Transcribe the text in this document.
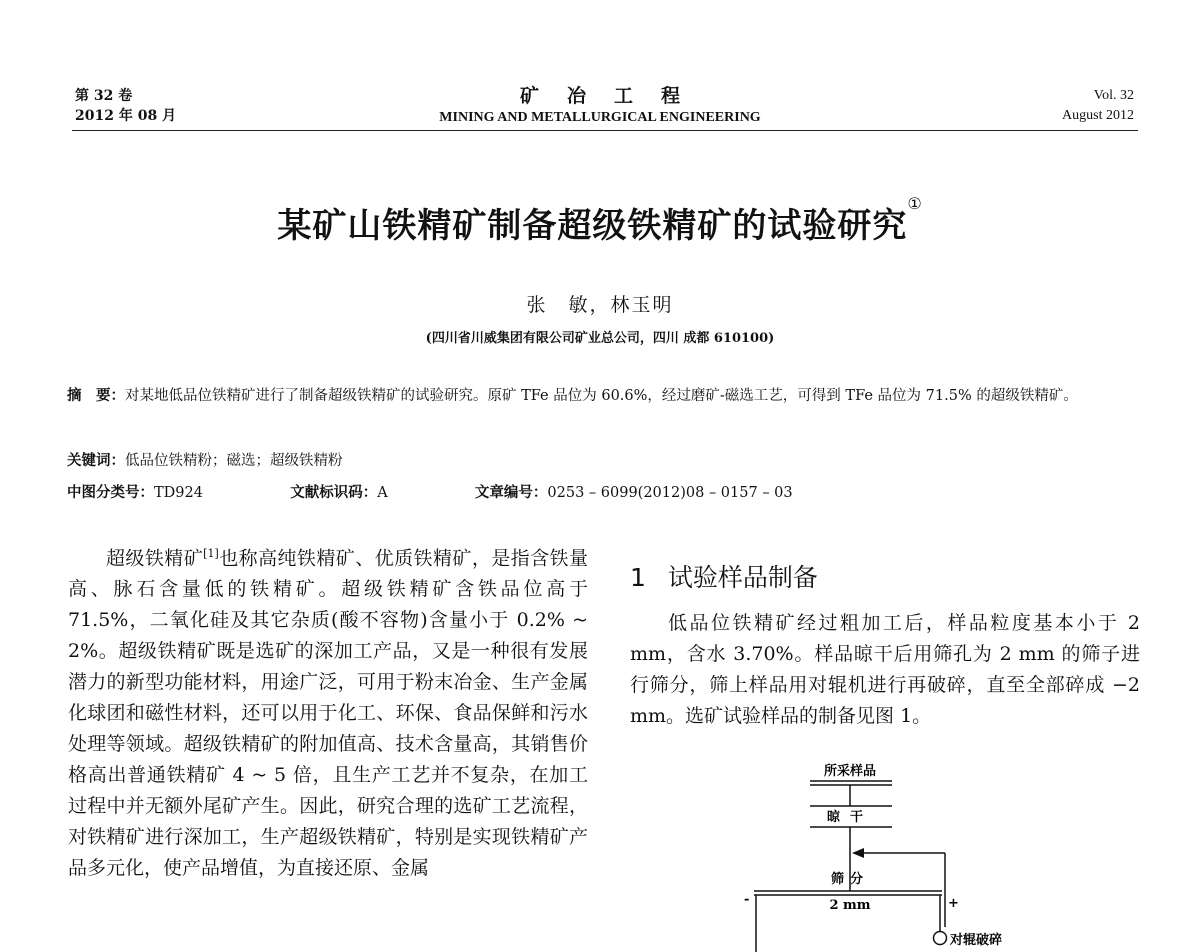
第 32 卷
2012 年 08 月
矿冶工程
MINING AND METALLURGICAL ENGINEERING
Vol. 32
August 2012
某矿山铁精矿制备超级铁精矿的试验研究①
张　敏，林玉明
(四川省川威集团有限公司矿业总公司，四川 成都 610100)
摘　要：对某地低品位铁精矿进行了制备超级铁精矿的试验研究。原矿 TFe 品位为 60.6%，经过磨矿-磁选工艺，可得到 TFe 品位为 71.5% 的超级铁精矿。
关键词：低品位铁精粉；磁选；超级铁精粉
中图分类号：TD924	文献标识码：A	文章编号：0253 – 6099(2012)08 – 0157 – 03

超级铁精矿[1]也称高纯铁精矿、优质铁精矿，是指含铁量高、脉石含量低的铁精矿。超级铁精矿含铁品位高于 71.5%，二氧化硅及其它杂质(酸不容物)含量小于 0.2% ~ 2%。超级铁精矿既是选矿的深加工产品，又是一种很有发展潜力的新型功能材料，用途广泛，可用于粉末冶金、生产金属化球团和磁性材料，还可以用于化工、环保、食品保鲜和污水处理等领域。超级铁精矿的附加值高、技术含量高，其销售价格高出普通铁精矿 4 ~ 5 倍，且生产工艺并不复杂，在加工过程中并无额外尾矿产生。因此，研究合理的选矿工艺流程，对铁精矿进行深加工，生产超级铁精矿，特别是实现铁精矿产品多元化，使产品增值，为直接还原、金属

1 试验样品制备

低品位铁精矿经过粗加工后，样品粒度基本小于 2 mm，含水 3.70%。样品晾干后用筛孔为 2 mm 的筛子进行筛分，筛上样品用对辊机进行再破碎，直至全部碎成 −2 mm。选矿试验样品的制备见图 1。

所采样品
晾干
筛分
2 mm
-	+
对辊破碎
